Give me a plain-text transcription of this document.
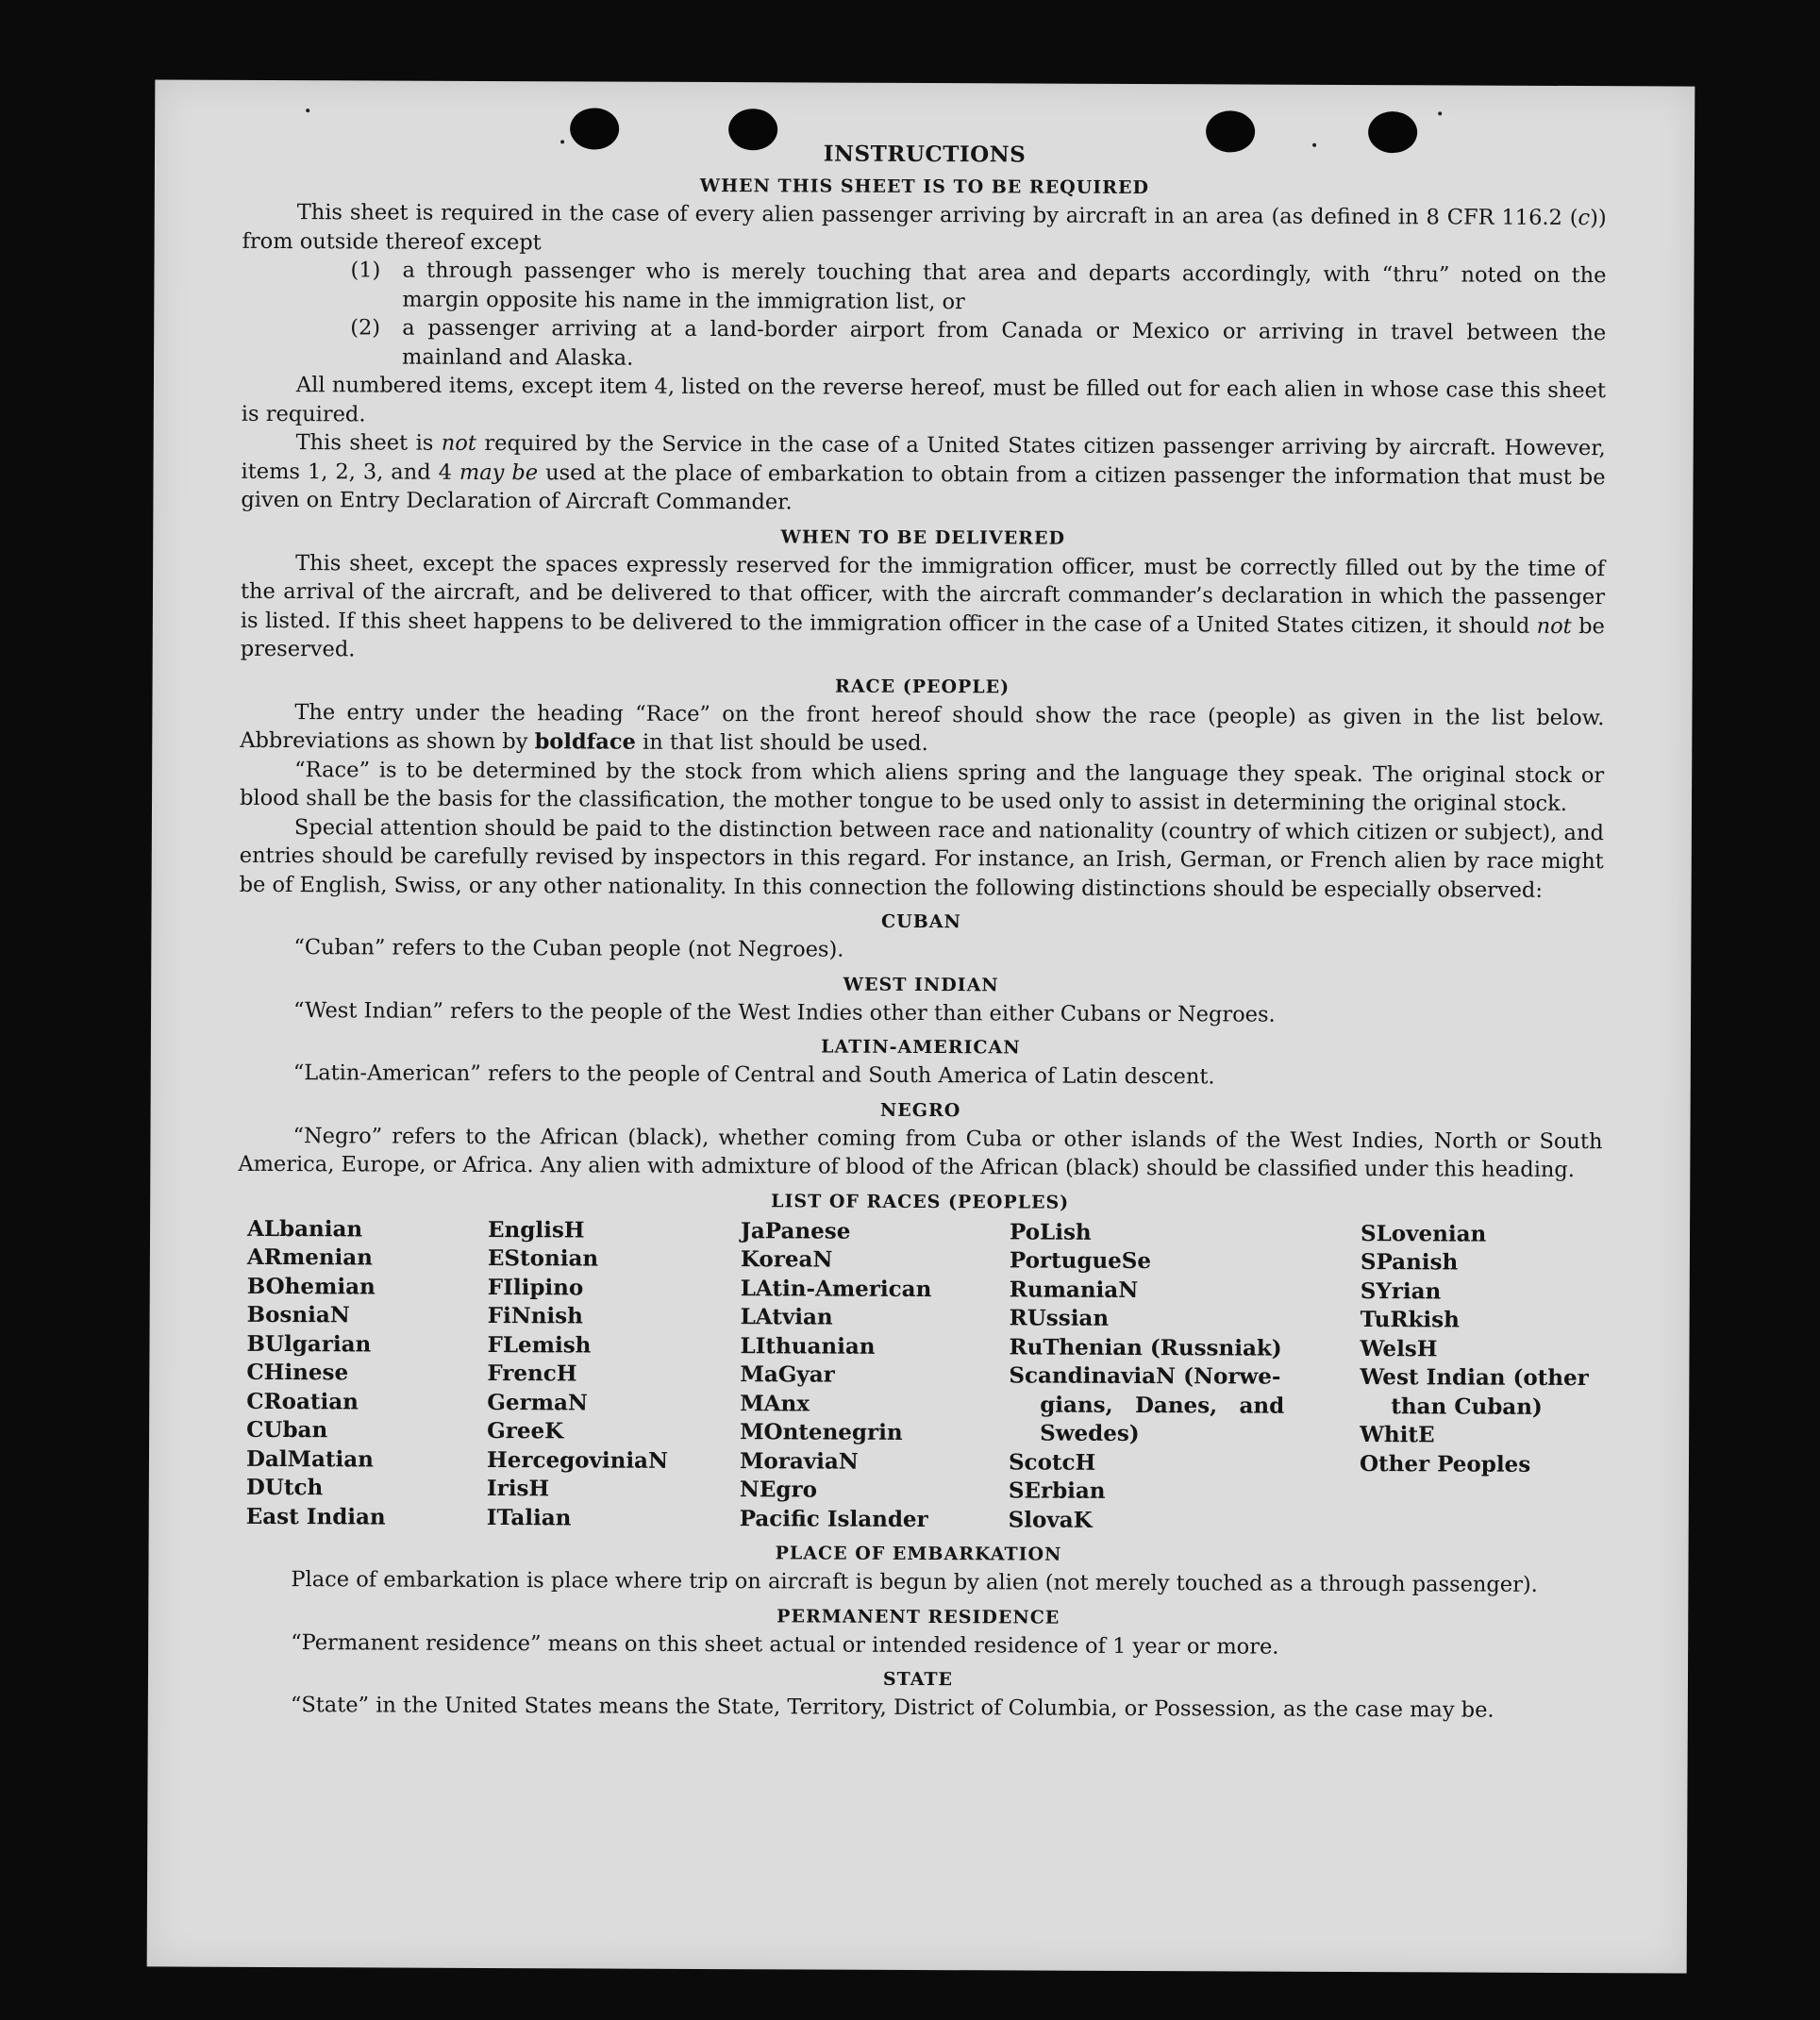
INSTRUCTIONS
WHEN THIS SHEET IS TO BE REQUIRED

This sheet is required in the case of every alien passenger arriving by aircraft in an area (as defined in 8 CFR 116.2 (c)) from outside thereof except

(1)	a through passenger who is merely touching that area and departs accordingly, with “thru” noted on the margin opposite his name in the immigration list, or

(2)	a passenger arriving at a land-border airport from Canada or Mexico or arriving in travel between the mainland and Alaska.

All numbered items, except item 4, listed on the reverse hereof, must be filled out for each alien in whose case this sheet is required.

This sheet is not required by the Service in the case of a United States citizen passenger arriving by aircraft. However, items 1, 2, 3, and 4 may be used at the place of embarkation to obtain from a citizen passenger the information that must be given on Entry Declaration of Aircraft Commander.

WHEN TO BE DELIVERED

This sheet, except the spaces expressly reserved for the immigration officer, must be correctly filled out by the time of the arrival of the aircraft, and be delivered to that officer, with the aircraft commander’s declaration in which the passenger is listed. If this sheet happens to be delivered to the immigration officer in the case of a United States citizen, it should not be preserved.

RACE (PEOPLE)

The entry under the heading “Race” on the front hereof should show the race (people) as given in the list below. Abbreviations as shown by boldface in that list should be used.

“Race” is to be determined by the stock from which aliens spring and the language they speak. The original stock or blood shall be the basis for the classification, the mother tongue to be used only to assist in determining the original stock.

Special attention should be paid to the distinction between race and nationality (country of which citizen or subject), and entries should be carefully revised by inspectors in this regard. For instance, an Irish, German, or French alien by race might be of English, Swiss, or any other nationality. In this connection the following distinctions should be especially observed:

CUBAN

“Cuban” refers to the Cuban people (not Negroes).

WEST INDIAN

“West Indian” refers to the people of the West Indies other than either Cubans or Negroes.

LATIN-AMERICAN

“Latin-American” refers to the people of Central and South America of Latin descent.

NEGRO

“Negro” refers to the African (black), whether coming from Cuba or other islands of the West Indies, North or South America, Europe, or Africa. Any alien with admixture of blood of the African (black) should be classified under this heading.

LIST OF RACES (PEOPLES)
ALbanian
ARmenian
BOhemian
BosniaN
BUlgarian
CHinese
CRoatian
CUban
DalMatian
DUtch
East Indian
EnglisH
EStonian
FIlipino
FiNnish
FLemish
FrencH
GermaN
GreeK
HercegoviniaN
IrisH
ITalian
JaPanese
KoreaN
LAtin-American
LAtvian
LIthuanian
MaGyar
MAnx
MOntenegrin
MoraviaN
NEgro
Pacific Islander
PoLish
PortugueSe
RumaniaN
RUssian
RuThenian (Russniak)
ScandinaviaN (Norwe-
gians, Danes, and
Swedes)
ScotcH
SErbian
SlovaK
SLovenian
SPanish
SYrian
TuRkish
WelsH
West Indian (other
than Cuban)
WhitE
Other Peoples
PLACE OF EMBARKATION

Place of embarkation is place where trip on aircraft is begun by alien (not merely touched as a through passenger).

PERMANENT RESIDENCE

“Permanent residence” means on this sheet actual or intended residence of 1 year or more.

STATE

“State” in the United States means the State, Territory, District of Columbia, or Possession, as the case may be.
